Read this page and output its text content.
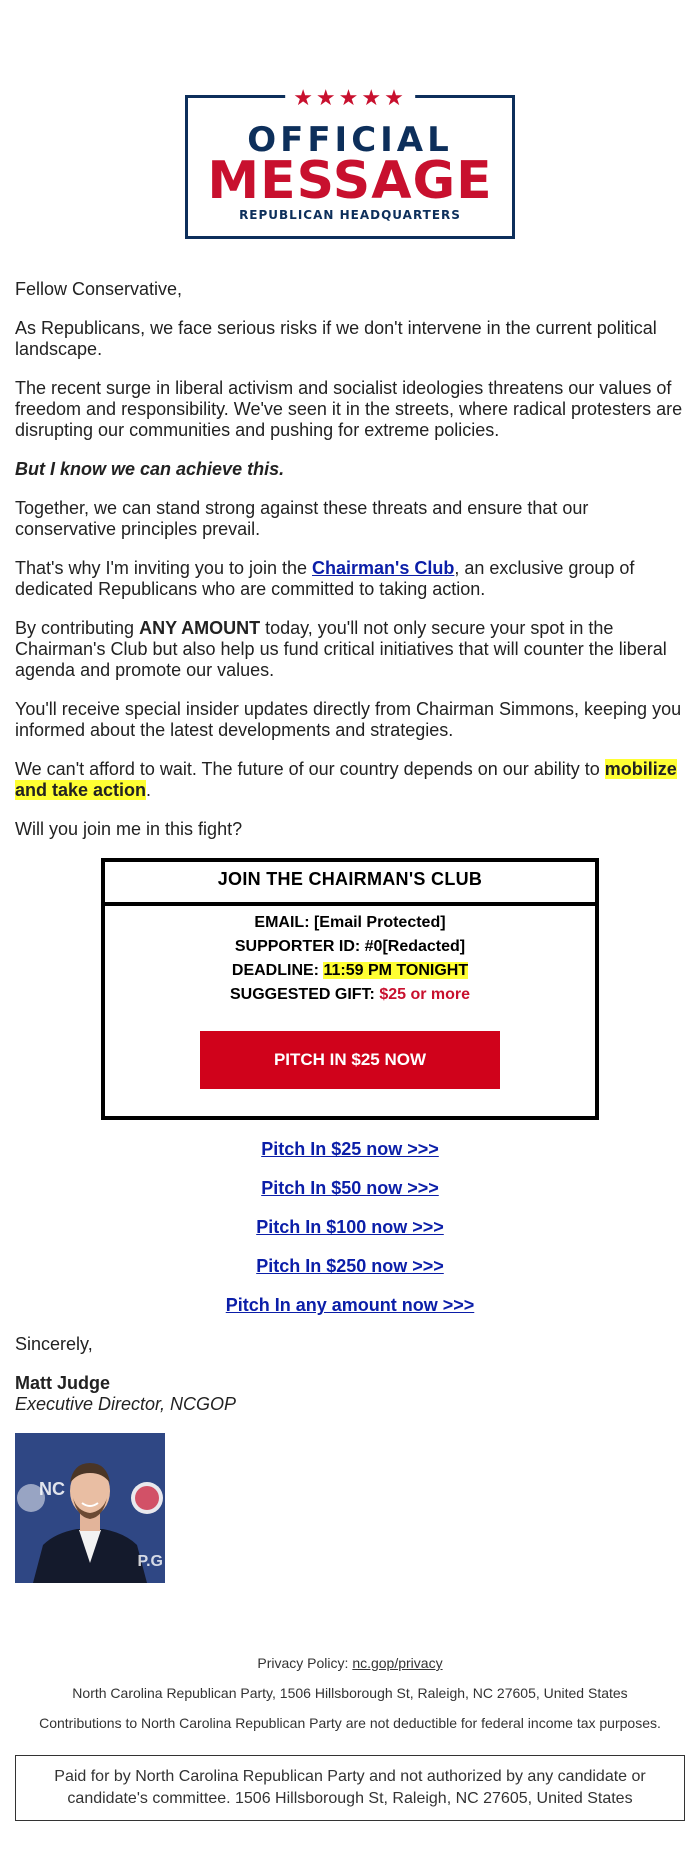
★★★★★
OFFICIAL
MESSAGE
REPUBLICAN HEADQUARTERS

Fellow Conservative,

As Republicans, we face serious risks if we don't intervene in the current political landscape.

The recent surge in liberal activism and socialist ideologies threatens our values of freedom and responsibility. We've seen it in the streets, where radical protesters are disrupting our communities and pushing for extreme policies.

But I know we can achieve this.

Together, we can stand strong against these threats and ensure that our conservative principles prevail.

That's why I'm inviting you to join the Chairman's Club, an exclusive group of dedicated Republicans who are committed to taking action.

By contributing ANY AMOUNT today, you'll not only secure your spot in the Chairman's Club but also help us fund critical initiatives that will counter the liberal agenda and promote our values.

You'll receive special insider updates directly from Chairman Simmons, keeping you informed about the latest developments and strategies.

We can't afford to wait. The future of our country depends on our ability to mobilize and take action.

Will you join me in this fight?

JOIN THE CHAIRMAN'S CLUB
EMAIL: [Email Protected]
SUPPORTER ID: #0[Redacted]
DEADLINE: 11:59 PM TONIGHT
SUGGESTED GIFT: $25 or more
PITCH IN $25 NOW
Pitch In $25 now >>>
Pitch In $50 now >>>
Pitch In $100 now >>>
Pitch In $250 now >>>
Pitch In any amount now >>>

Sincerely,

Matt Judge
Executive Director, NCGOP
NC
P.G
Privacy Policy: nc.gop/privacy
North Carolina Republican Party, 1506 Hillsborough St, Raleigh, NC 27605, United States
Contributions to North Carolina Republican Party are not deductible for federal income tax purposes.
Paid for by North Carolina Republican Party and not authorized by any candidate or candidate's committee. 1506 Hillsborough St, Raleigh, NC 27605, United States
